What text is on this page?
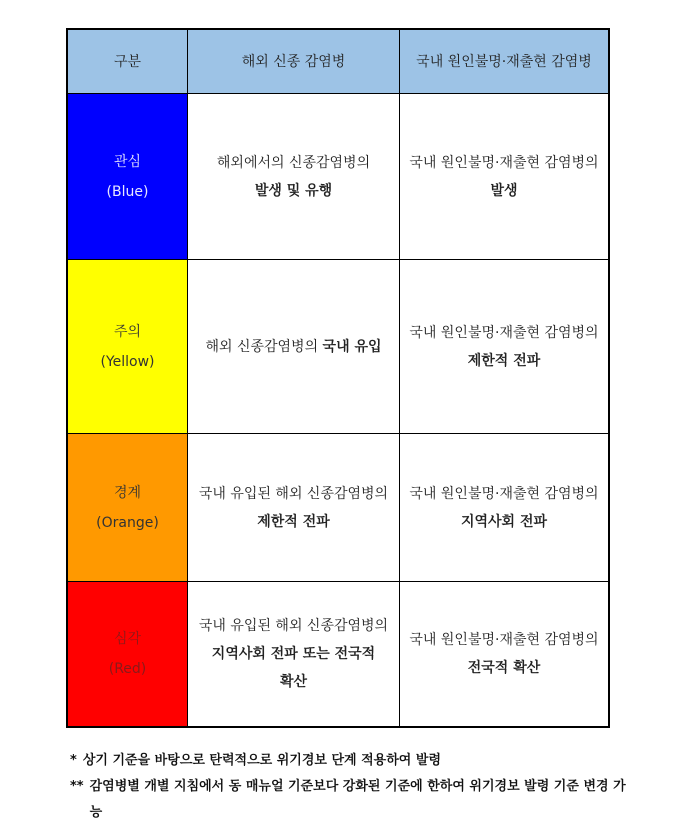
구분	해외 신종 감염병	국내 원인불명·재출현 감염병
관심
(Blue)
해외에서의 신종감염병의
발생 및 유행
국내 원인불명·재출현 감염병의
발생
주의
(Yellow)
해외 신종감염병의 국내 유입
국내 원인불명·재출현 감염병의
제한적 전파
경계
(Orange)
국내 유입된 해외 신종감염병의
제한적 전파
국내 원인불명·재출현 감염병의
지역사회 전파
심각
(Red)
국내 유입된 해외 신종감염병의
지역사회 전파 또는 전국적
확산
국내 원인불명·재출현 감염병의
전국적 확산
* 상기 기준을 바탕으로 탄력적으로 위기경보 단계 적용하여 발령
** 감염병별 개별 지침에서 동 매뉴얼 기준보다 강화된 기준에 한하여 위기경보 발령 기준 변경 가능
